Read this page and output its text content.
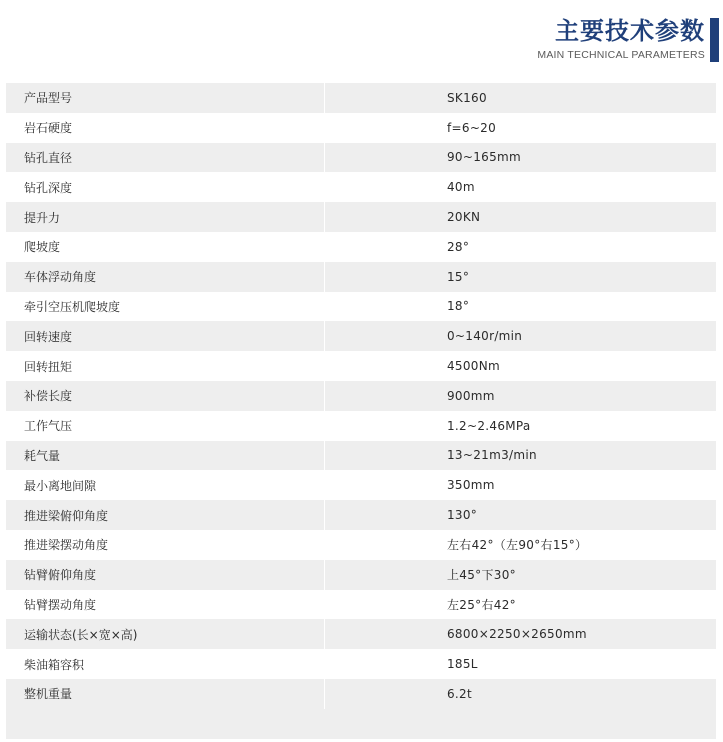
主要技术参数
MAIN TECHNICAL PARAMETERS
产品型号	SK160
岩石硬度	f=6~20
钻孔直径	90~165mm
钻孔深度	40m
提升力	20KN
爬坡度	28°
车体浮动角度	15°
牵引空压机爬坡度	18°
回转速度	0~140r/min
回转扭矩	4500Nm
补偿长度	900mm
工作气压	1.2~2.46MPa
耗气量	13~21m3/min
最小离地间隙	350mm
推进梁俯仰角度	130°
推进梁摆动角度	左右42°（左90°右15°）
钻臂俯仰角度	上45°下30°
钻臂摆动角度	左25°右42°
运输状态(长×宽×高)	6800×2250×2650mm
柴油箱容积	185L
整机重量	6.2t
